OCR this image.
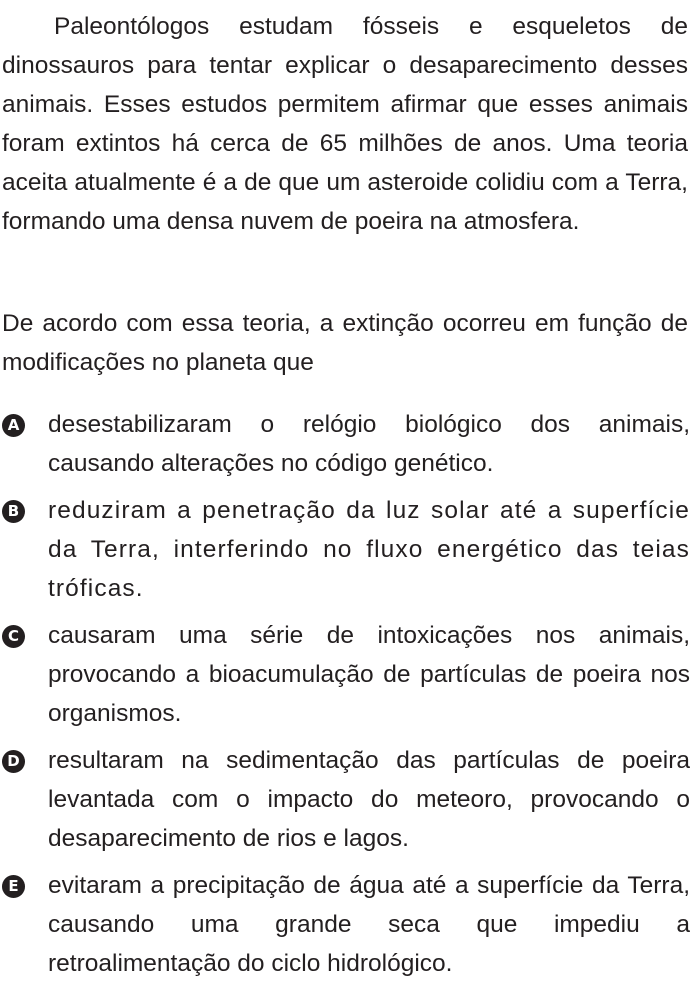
Paleontólogos estudam fósseis e esqueletos de dinossauros para tentar explicar o desaparecimento desses animais. Esses estudos permitem afirmar que esses animais foram extintos há cerca de 65 milhões de anos. Uma teoria aceita atualmente é a de que um asteroide colidiu com a Terra, formando uma densa nuvem de poeira na atmosfera.

De acordo com essa teoria, a extinção ocorreu em função de modificações no planeta que

A desestabilizaram o relógio biológico dos animais, causando alterações no código genético.
B reduziram a penetração da luz solar até a superfície da Terra, interferindo no fluxo energético das teias tróficas.
C causaram uma série de intoxicações nos animais, provocando a bioacumulação de partículas de poeira nos organismos.
D resultaram na sedimentação das partículas de poeira levantada com o impacto do meteoro, provocando o desaparecimento de rios e lagos.
E evitaram a precipitação de água até a superfície da Terra, causando uma grande seca que impediu a retroalimentação do ciclo hidrológico.
